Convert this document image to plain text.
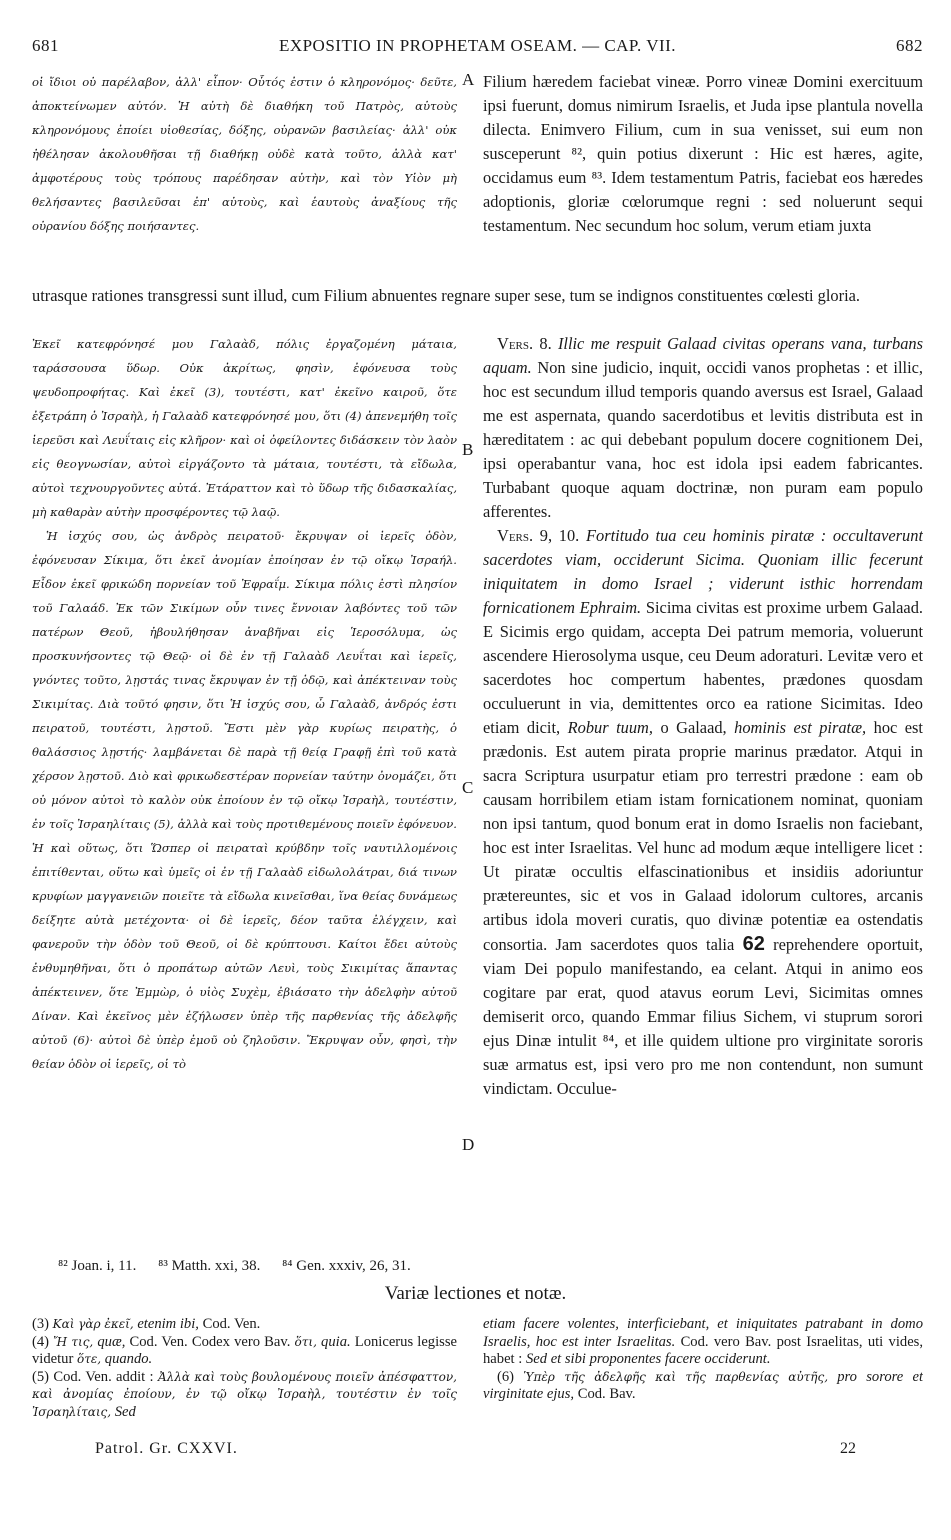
681	EXPOSITIO IN PROPHETAM OSEAM. — CAP. VII.	682

οἱ ἴδιοι οὐ παρέλαβον, ἀλλ' εἶπον· Οὗτός ἐστιν ὁ κληρονόμος· δεῦτε, ἀποκτείνωμεν αὐτόν. Ἡ αὐτὴ δὲ διαθήκη τοῦ Πατρὸς, αὐτοὺς κληρονόμους ἐποίει υἱοθεσίας, δόξης, οὐρανῶν βασιλείας· ἀλλ' οὐκ ἠθέλησαν ἀκολουθῆσαι τῇ διαθήκῃ οὐδὲ κατὰ τοῦτο, ἀλλὰ κατ' ἀμφοτέρους τοὺς τρόπους παρέδησαν αὐτὴν, καὶ τὸν Υἱὸν μὴ θελήσαντες βασιλεῦσαι ἐπ' αὐτοὺς, καὶ ἑαυτοὺς ἀναξίους τῆς οὐρανίου δόξης ποιήσαντες.

A Filium hæredem faciebat vineæ. Porro vineæ Domini exercituum ipsi fuerunt, domus nimirum Israelis, et Juda ipse plantula novella dilecta. Enimvero Filium, cum in sua venisset, sui eum non susceperunt ⁸², quin potius dixerunt : Hic est hæres, agite, occidamus eum ⁸³. Idem testamentum Patris, faciebat eos hæredes adoptionis, gloriæ cœlorumque regni : sed noluerunt sequi testamentum. Nec secundum hoc solum, verum etiam juxta

utrasque rationes transgressi sunt illud, cum Filium abnuentes regnare super sese, tum se indignos constituentes cœlesti gloria.

Ἐκεῖ κατεφρόνησέ μου Γαλαὰδ, πόλις ἐργαζομένη μάταια, ταράσσουσα ὕδωρ. Οὐκ ἀκρίτως, φησὶν, ἐφόνευσα τοὺς ψευδοπροφήτας. Καὶ ἐκεῖ (3), τουτέστι, κατ' ἐκεῖνο καιροῦ, ὅτε ἐξετράπη ὁ Ἰσραὴλ, ἡ Γαλαὰδ κατεφρόνησέ μου, ὅτι (4) ἀπενεμήθη τοῖς ἱερεῦσι καὶ Λευΐταις εἰς κλῆρον· καὶ οἱ ὀφείλοντες διδάσκειν τὸν λαὸν εἰς θεογνωσίαν, αὐτοὶ εἰργάζοντο τὰ μάταια, τουτέστι, τὰ εἴδωλα, αὐτοὶ τεχνουργοῦντες αὐτά. Ἐτάραττον καὶ τὸ ὕδωρ τῆς διδασκαλίας, μὴ καθαρὰν αὐτὴν προσφέροντες τῷ λαῷ.

Ἡ ἰσχύς σου, ὡς ἀνδρὸς πειρατοῦ· ἔκρυψαν οἱ ἱερεῖς ὁδὸν, ἐφόνευσαν Σίκιμα, ὅτι ἐκεῖ ἀνομίαν ἐποίησαν ἐν τῷ οἴκῳ Ἰσραήλ. Εἶδον ἐκεῖ φρικώδη πορνείαν τοῦ Ἐφραΐμ. Σίκιμα πόλις ἐστὶ πλησίον τοῦ Γαλαάδ. Ἐκ τῶν Σικίμων οὖν τινες ἔννοιαν λαβόντες τοῦ τῶν πατέρων Θεοῦ, ἠβουλήθησαν ἀναβῆναι εἰς Ἱεροσόλυμα, ὡς προσκυνήσοντες τῷ Θεῷ· οἱ δὲ ἐν τῇ Γαλαὰδ Λευΐται καὶ ἱερεῖς, γνόντες τοῦτο, λῃστάς τινας ἔκρυψαν ἐν τῇ ὁδῷ, καὶ ἀπέκτειναν τοὺς Σικιμίτας. Διὰ τοῦτό φησιν, ὅτι Ἡ ἰσχύς σου, ὦ Γαλαὰδ, ἀνδρός ἐστι πειρατοῦ, τουτέστι, λῃστοῦ. Ἔστι μὲν γὰρ κυρίως πειρατὴς, ὁ θαλάσσιος λῃστής· λαμβάνεται δὲ παρὰ τῇ θείᾳ Γραφῇ ἐπὶ τοῦ κατὰ χέρσον λῃστοῦ. Διὸ καὶ φρικωδεστέραν πορνείαν ταύτην ὀνομάζει, ὅτι οὐ μόνον αὐτοὶ τὸ καλὸν οὐκ ἐποίουν ἐν τῷ οἴκῳ Ἰσραὴλ, τουτέστιν, ἐν τοῖς Ἰσραηλίταις (5), ἀλλὰ καὶ τοὺς προτιθεμένους ποιεῖν ἐφόνευον. Ἡ καὶ οὕτως, ὅτι Ὥσπερ οἱ πειραταὶ κρύβδην τοῖς ναυτιλλομένοις ἐπιτίθενται, οὕτω καὶ ὑμεῖς οἱ ἐν τῇ Γαλαὰδ εἰδωλολάτραι, διά τινων κρυφίων μαγγανειῶν ποιεῖτε τὰ εἴδωλα κινεῖσθαι, ἵνα θείας δυνάμεως δείξητε αὐτὰ μετέχοντα· οἱ δὲ ἱερεῖς, δέον ταῦτα ἐλέγχειν, καὶ φανεροῦν τὴν ὁδὸν τοῦ Θεοῦ, οἱ δὲ κρύπτουσι. Καίτοι ἔδει αὐτοὺς ἐνθυμηθῆναι, ὅτι ὁ προπάτωρ αὐτῶν Λευὶ, τοὺς Σικιμίτας ἅπαντας ἀπέκτεινεν, ὅτε Ἐμμὼρ, ὁ υἱὸς Συχὲμ, ἐβιάσατο τὴν ἀδελφὴν αὐτοῦ Δίναν. Καὶ ἐκεῖνος μὲν ἐζήλωσεν ὑπὲρ τῆς παρθενίας τῆς ἀδελφῆς αὐτοῦ (6)· αὐτοὶ δὲ ὑπὲρ ἐμοῦ οὐ ζηλοῦσιν. Ἔκρυψαν οὖν, φησὶ, τὴν θείαν ὁδὸν οἱ ἱερεῖς, οἱ τὸ

B
C
D

Vers. 8. Illic me respuit Galaad civitas operans vana, turbans aquam. Non sine judicio, inquit, occidi vanos prophetas : et illic, hoc est secundum illud temporis quando aversus est Israel, Galaad me est aspernata, quando sacerdotibus et levitis distributa est in hæreditatem : ac qui debebant populum docere cognitionem Dei, ipsi operabantur vana, hoc est idola ipsi eadem fabricantes. Turbabant quoque aquam doctrinæ, non puram eam populo afferentes.

Vers. 9, 10. Fortitudo tua ceu hominis piratæ : occultaverunt sacerdotes viam, occiderunt Sicima. Quoniam illic fecerunt iniquitatem in domo Israel ; viderunt isthic horrendam fornicationem Ephraim. Sicima civitas est proxime urbem Galaad. E Sicimis ergo quidam, accepta Dei patrum memoria, voluerunt ascendere Hierosolyma usque, ceu Deum adoraturi. Levitæ vero et sacerdotes hoc compertum habentes, prædones quosdam occuluerunt in via, demittentes orco ea ratione Sicimitas. Ideo etiam dicit, Robur tuum, o Galaad, hominis est piratæ, hoc est prædonis. Est autem pirata proprie marinus prædator. Atqui in sacra Scriptura usurpatur etiam pro terrestri prædone : eam ob causam horribilem etiam istam fornicationem nominat, quoniam non ipsi tantum, quod bonum erat in domo Israelis non faciebant, hoc est inter Israelitas. Vel hunc ad modum æque intelligere licet : Ut piratæ occultis elfascinationibus et insidiis adoriuntur prætereuntes, sic et vos in Galaad idolorum cultores, arcanis artibus idola moveri curatis, quo divinæ potentiæ ea ostendatis consortia. Jam sacerdotes quos talia 62 reprehendere oportuit, viam Dei populo manifestando, ea celant. Atqui in animo eos cogitare par erat, quod atavus eorum Levi, Sicimitas omnes demiserit orco, quando Emmar filius Sichem, vi stuprum sorori ejus Dinæ intulit ⁸⁴, et ille quidem ultione pro virginitate sororis suæ armatus est, ipsi vero pro me non contendunt, non sumunt vindictam. Occulue-

⁸² Joan. i, 11. ⁸³ Matth. xxi, 38. ⁸⁴ Gen. xxxiv, 26, 31.
Variæ lectiones et notæ.

(3) Καὶ γὰρ ἐκεῖ, etenim ibi, Cod. Ven.

(4) Ἤ τις, quæ, Cod. Ven. Codex vero Bav. ὅτι, quia. Lonicerus legisse videtur ὅτε, quando.

(5) Cod. Ven. addit : Ἀλλὰ καὶ τοὺς βουλομένους ποιεῖν ἀπέσφαττον, καὶ ἀνομίας ἐποίουν, ἐν τῷ οἴκῳ Ἰσραὴλ, τουτέστιν ἐν τοῖς Ἰσραηλίταις, Sed

etiam facere volentes, interficiebant, et iniquitates patrabant in domo Israelis, hoc est inter Israelitas. Cod. vero Bav. post Israelitas, uti vides, habet : Sed et sibi proponentes facere occiderunt.

(6) Ὑπὲρ τῆς ἀδελφῆς καὶ τῆς παρθενίας αὐτῆς, pro sorore et virginitate ejus, Cod. Bav.

Patrol. Gr. CXXVI.	22
